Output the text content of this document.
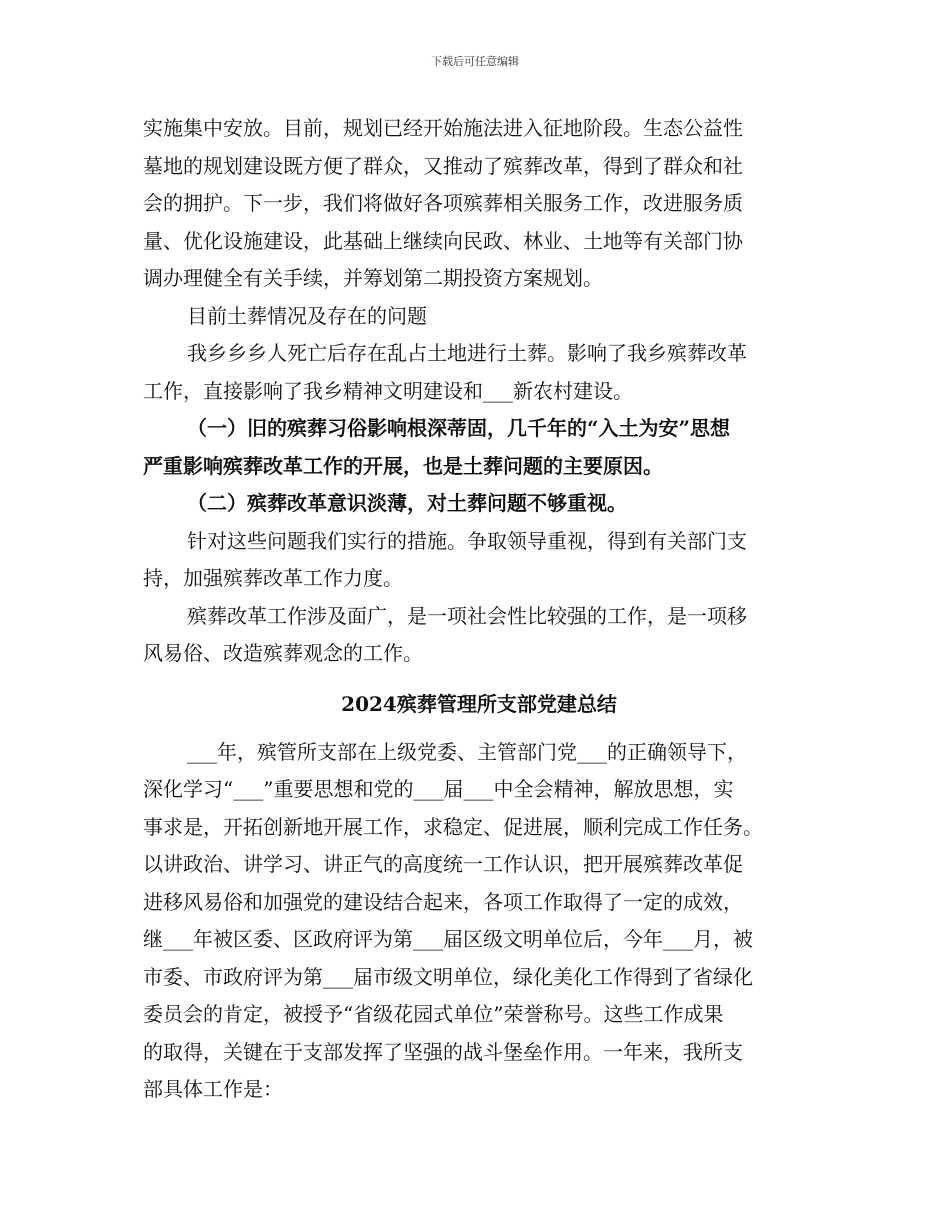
下载后可任意编辑
实施集中安放。目前，规划已经开始施法进入征地阶段。生态公益性
墓地的规划建设既方便了群众，又推动了殡葬改革，得到了群众和社
会的拥护。下一步，我们将做好各项殡葬相关服务工作，改进服务质
量、优化设施建设，此基础上继续向民政、林业、土地等有关部门协
调办理健全有关手续，并筹划第二期投资方案规划。
目前土葬情况及存在的问题
我乡乡乡人死亡后存在乱占土地进行土葬。影响了我乡殡葬改革
工作，直接影响了我乡精神文明建设和___新农村建设。
（一）旧的殡葬习俗影响根深蒂固，几千年的“入土为安”思想
严重影响殡葬改革工作的开展，也是土葬问题的主要原因。
（二）殡葬改革意识淡薄，对土葬问题不够重视。
针对这些问题我们实行的措施。争取领导重视，得到有关部门支
持，加强殡葬改革工作力度。
殡葬改革工作涉及面广，是一项社会性比较强的工作，是一项移
风易俗、改造殡葬观念的工作。
2024殡葬管理所支部党建总结
___年，殡管所支部在上级党委、主管部门党___的正确领导下，
深化学习“___”重要思想和党的___届___中全会精神，解放思想，实
事求是，开拓创新地开展工作，求稳定、促进展，顺利完成工作任务。
以讲政治、讲学习、讲正气的高度统一工作认识，把开展殡葬改革促
进移风易俗和加强党的建设结合起来，各项工作取得了一定的成效，
继___年被区委、区政府评为第___届区级文明单位后，今年___月，被
市委、市政府评为第___届市级文明单位，绿化美化工作得到了省绿化
委员会的肯定，被授予“省级花园式单位”荣誉称号。这些工作成果
的取得，关键在于支部发挥了坚强的战斗堡垒作用。一年来，我所支
部具体工作是：
